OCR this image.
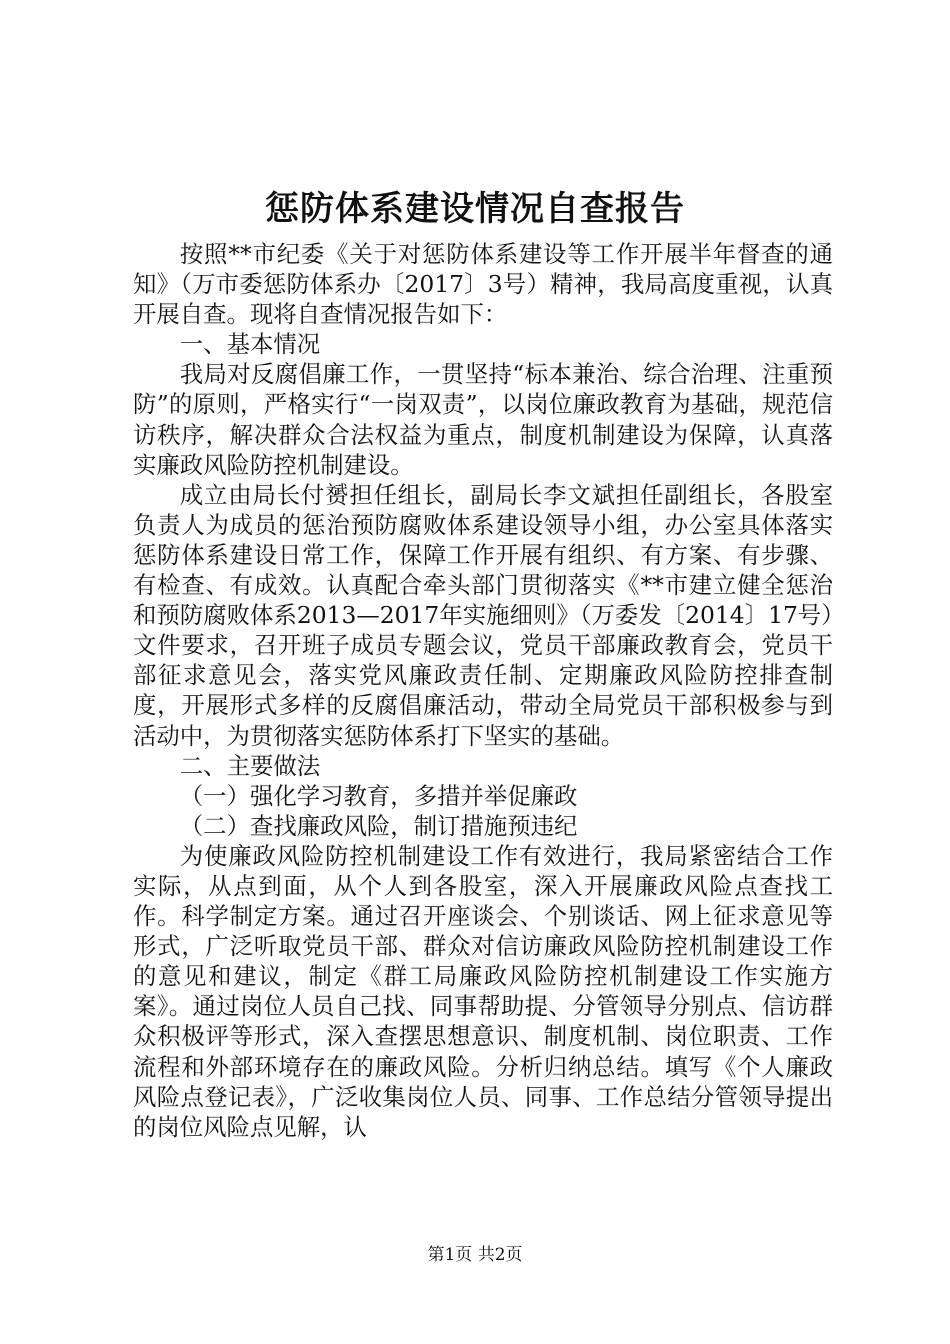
惩防体系建设情况自查报告

按照**市纪委《关于对惩防体系建设等工作开展半年督查的通知》（万市委惩防体系办〔2017〕3号）精神，我局高度重视，认真开展自查。现将自查情况报告如下：

一、基本情况

我局对反腐倡廉工作，一贯坚持“标本兼治、综合治理、注重预防”的原则，严格实行“一岗双责”，以岗位廉政教育为基础，规范信访秩序，解决群众合法权益为重点，制度机制建设为保障，认真落实廉政风险防控机制建设。

成立由局长付赟担任组长，副局长李文斌担任副组长，各股室负责人为成员的惩治预防腐败体系建设领导小组，办公室具体落实惩防体系建设日常工作，保障工作开展有组织、有方案、有步骤、有检查、有成效。认真配合牵头部门贯彻落实《**市建立健全惩治和预防腐败体系2013—2017年实施细则》（万委发〔2014〕17号）文件要求，召开班子成员专题会议，党员干部廉政教育会，党员干部征求意见会，落实党风廉政责任制、定期廉政风险防控排查制度，开展形式多样的反腐倡廉活动，带动全局党员干部积极参与到活动中，为贯彻落实惩防体系打下坚实的基础。

二、主要做法

（一）强化学习教育，多措并举促廉政

（二）查找廉政风险，制订措施预违纪

为使廉政风险防控机制建设工作有效进行，我局紧密结合工作实际，从点到面，从个人到各股室，深入开展廉政风险点查找工作。科学制定方案。通过召开座谈会、个别谈话、网上征求意见等形式，广泛听取党员干部、群众对信访廉政风险防控机制建设工作的意见和建议，制定《群工局廉政风险防控机制建设工作实施方案》。通过岗位人员自己找、同事帮助提、分管领导分别点、信访群众积极评等形式，深入查摆思想意识、制度机制、岗位职责、工作流程和外部环境存在的廉政风险。分析归纳总结。填写《个人廉政风险点登记表》，广泛收集岗位人员、同事、工作总结分管领导提出的岗位风险点见解，认

第1页 共2页
